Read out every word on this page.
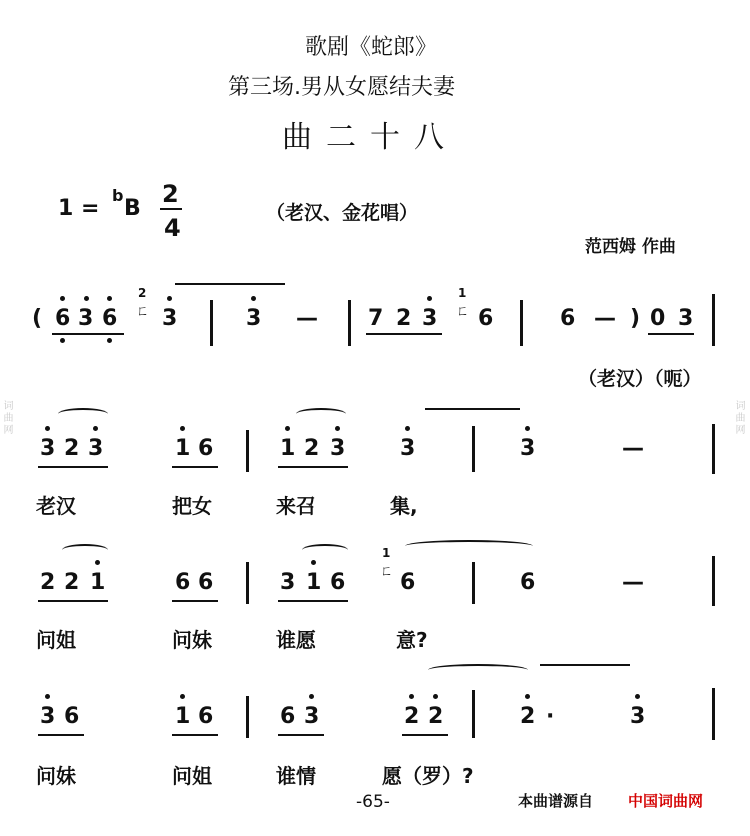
词曲网	词曲网
歌剧《蛇郎》
第三场.男从女愿结夫妻
曲二十八
1 =
b
B
2
4
（老汉、金花唱）
范西姆 作曲
( 6 3 6
2
ㄈ 3	3 — 7 2 3
1
ㄈ 6	6 — ) 0 3
（老汉）（呃）
3 2 3	1 6	1 2 3 3	3	—
老汉	把女	来召	集,
2 2 1	6 6	3 1 6
1
ㄈ 6	6	—
问姐	问妹	谁愿	意?
3 6	1 6	6 3	2 2	2 ·	3
问妹	问姐	谁情	愿（罗）?
-65-	本曲谱源自 中国词曲网
